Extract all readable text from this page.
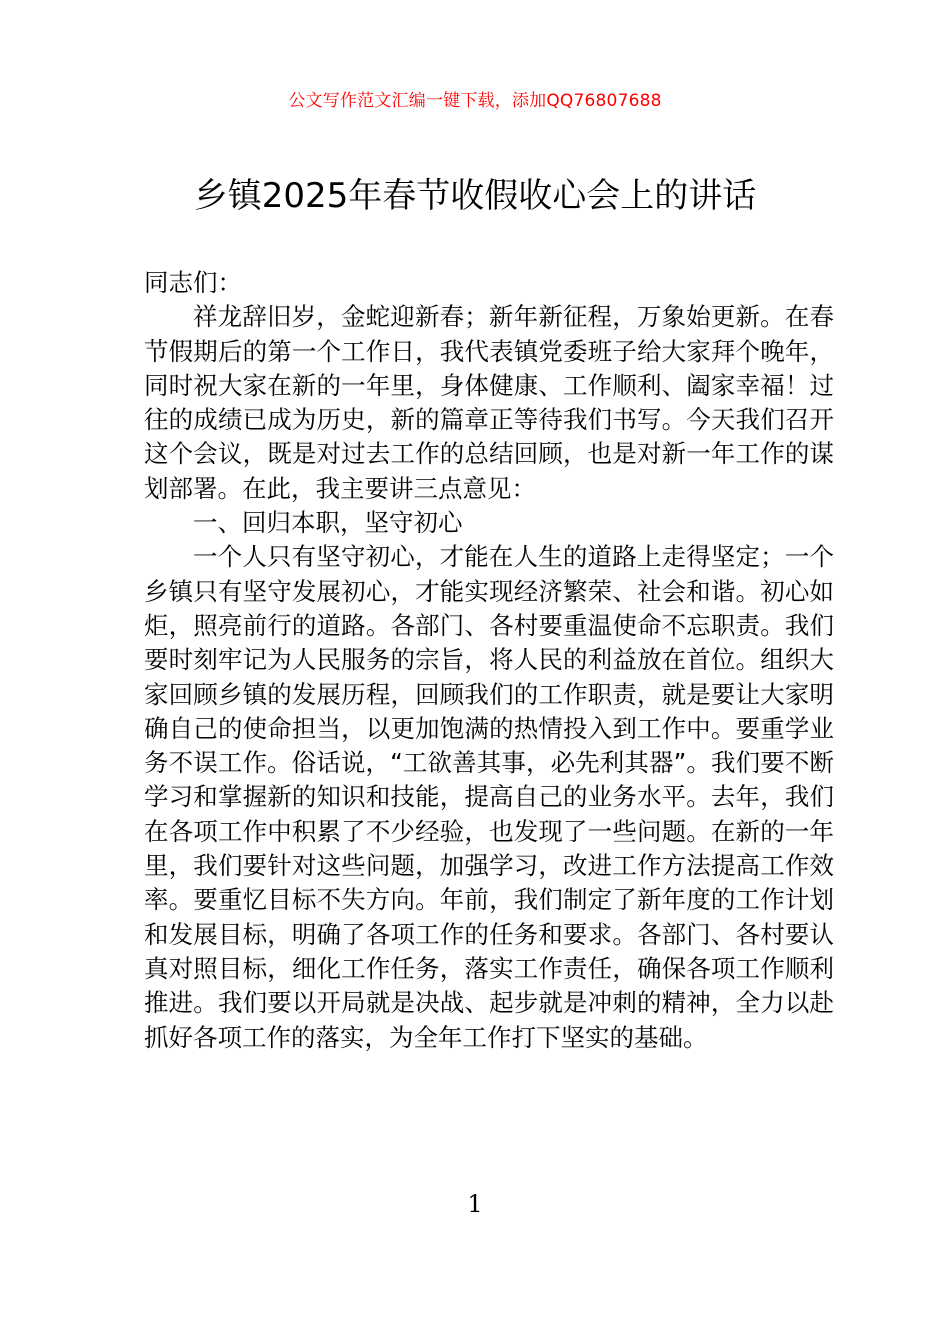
公文写作范文汇编一键下载，添加QQ76807688
乡镇2025年春节收假收心会上的讲话

同志们：

祥龙辞旧岁，金蛇迎新春；新年新征程，万象始更新。在春节假期后的第一个工作日，我代表镇党委班子给大家拜个晚年，同时祝大家在新的一年里，身体健康、工作顺利、阖家幸福！过往的成绩已成为历史，新的篇章正等待我们书写。今天我们召开这个会议，既是对过去工作的总结回顾，也是对新一年工作的谋划部署。在此，我主要讲三点意见：

一、回归本职，坚守初心

一个人只有坚守初心，才能在人生的道路上走得坚定；一个乡镇只有坚守发展初心，才能实现经济繁荣、社会和谐。初心如炬，照亮前行的道路。各部门、各村要重温使命不忘职责。我们要时刻牢记为人民服务的宗旨，将人民的利益放在首位。组织大家回顾乡镇的发展历程，回顾我们的工作职责，就是要让大家明确自己的使命担当，以更加饱满的热情投入到工作中。要重学业务不误工作。俗话说，“工欲善其事，必先利其器”。我们要不断学习和掌握新的知识和技能，提高自己的业务水平。去年，我们在各项工作中积累了不少经验，也发现了一些问题。在新的一年里，我们要针对这些问题，加强学习，改进工作方法提高工作效率。要重忆目标不失方向。年前，我们制定了新年度的工作计划和发展目标，明确了各项工作的任务和要求。各部门、各村要认真对照目标，细化工作任务，落实工作责任，确保各项工作顺利推进。我们要以开局就是决战、起步就是冲刺的精神，全力以赴抓好各项工作的落实，为全年工作打下坚实的基础。

1
